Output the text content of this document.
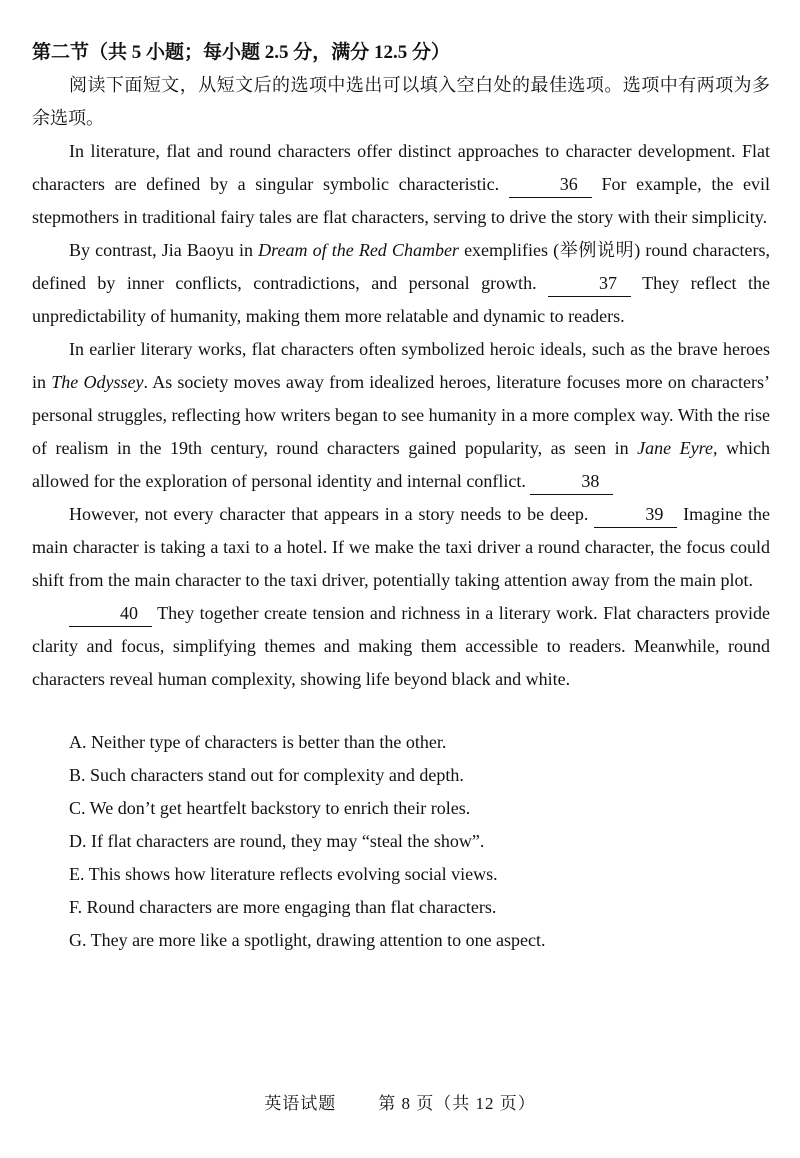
第二节（共 5 小题；每小题 2.5 分，满分 12.5 分）

阅读下面短文，从短文后的选项中选出可以填入空白处的最佳选项。选项中有两项为多余选项。

In literature, flat and round characters offer distinct approaches to character development. Flat characters are defined by a singular symbolic characteristic.	36 For example, the evil stepmothers in traditional fairy tales are flat characters, serving to drive the story with their simplicity.

By contrast, Jia Baoyu in Dream of the Red Chamber exemplifies (举例说明) round characters, defined by inner conflicts, contradictions, and personal growth.	37 They reflect the unpredictability of humanity, making them more relatable and dynamic to readers.

In earlier literary works, flat characters often symbolized heroic ideals, such as the brave heroes in The Odyssey. As society moves away from idealized heroes, literature focuses more on characters’ personal struggles, reflecting how writers began to see humanity in a more complex way. With the rise of realism in the 19th century, round characters gained popularity, as seen in Jane Eyre, which allowed for the exploration of personal identity and internal conflict.	38

However, not every character that appears in a story needs to be deep.	39 Imagine the main character is taking a taxi to a hotel. If we make the taxi driver a round character, the focus could shift from the main character to the taxi driver, potentially taking attention away from the main plot.

40 They together create tension and richness in a literary work. Flat characters provide clarity and focus, simplifying themes and making them accessible to readers. Meanwhile, round characters reveal human complexity, showing life beyond black and white.

A. Neither type of characters is better than the other.

B. Such characters stand out for complexity and depth.

C. We don’t get heartfelt backstory to enrich their roles.

D. If flat characters are round, they may “steal the show”.

E. This shows how literature reflects evolving social views.

F. Round characters are more engaging than flat characters.

G. They are more like a spotlight, drawing attention to one aspect.

英语试题 第 8 页（共 12 页）
